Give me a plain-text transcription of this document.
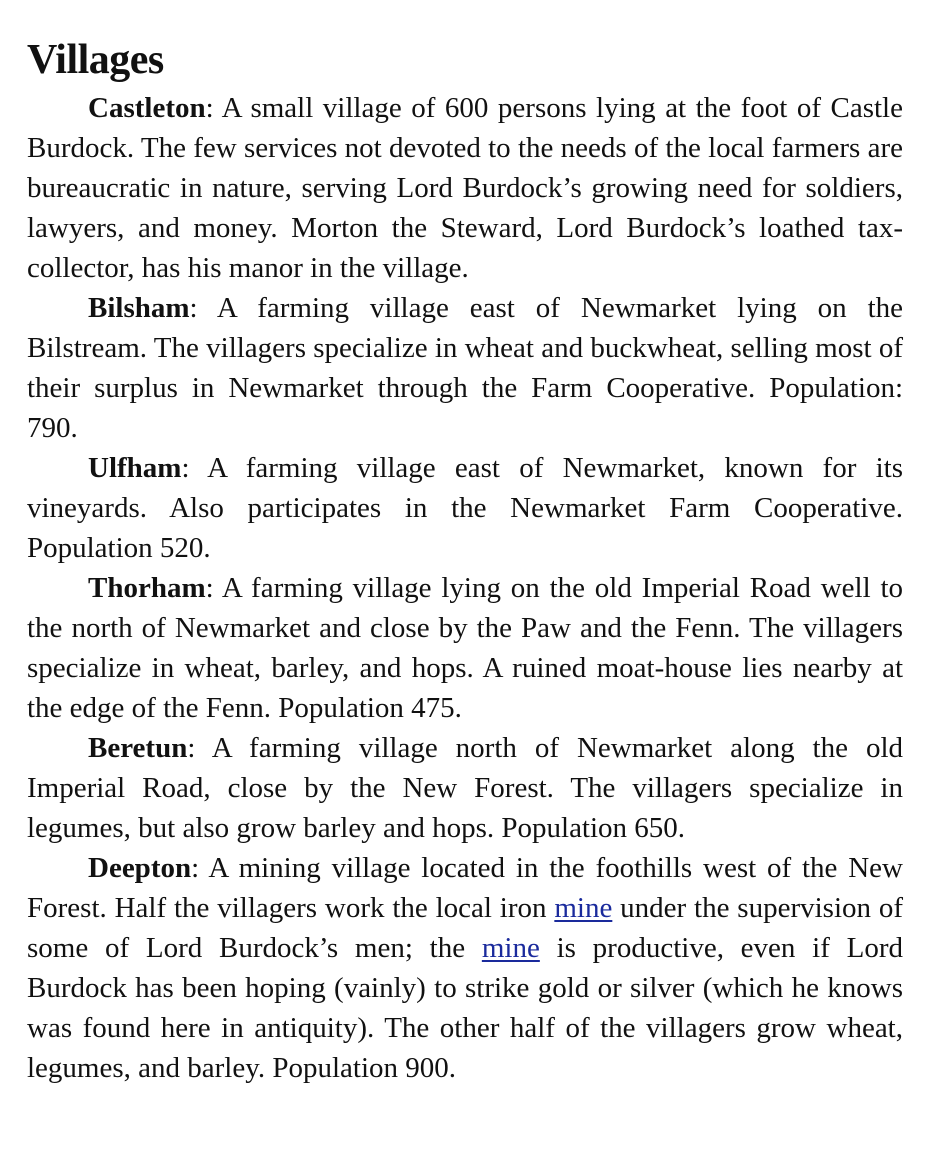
Villages

Castleton: A small village of 600 persons lying at the foot of Castle Burdock. The few services not devoted to the needs of the local farmers are bureaucratic in nature, serving Lord Burdock’s growing need for soldiers, lawyers, and money. Morton the Steward, Lord Burdock’s loathed tax-collector, has his manor in the village.

Bilsham: A farming village east of Newmarket lying on the Bilstream. The villagers specialize in wheat and buckwheat, selling most of their surplus in Newmarket through the Farm Cooperative. Population: 790.

Ulfham: A farming village east of Newmarket, known for its vineyards. Also participates in the Newmarket Farm Cooperative. Population 520.

Thorham: A farming village lying on the old Imperial Road well to the north of Newmarket and close by the Paw and the Fenn. The villagers specialize in wheat, barley, and hops. A ruined moat-house lies nearby at the edge of the Fenn. Population 475.

Beretun: A farming village north of Newmarket along the old Imperial Road, close by the New Forest. The villagers specialize in legumes, but also grow barley and hops. Population 650.

Deepton: A mining village located in the foothills west of the New Forest. Half the villagers work the local iron mine under the supervision of some of Lord Burdock’s men; the mine is productive, even if Lord Burdock has been hoping (vainly) to strike gold or silver (which he knows was found here in antiquity). The other half of the villagers grow wheat, legumes, and barley. Population 900.
